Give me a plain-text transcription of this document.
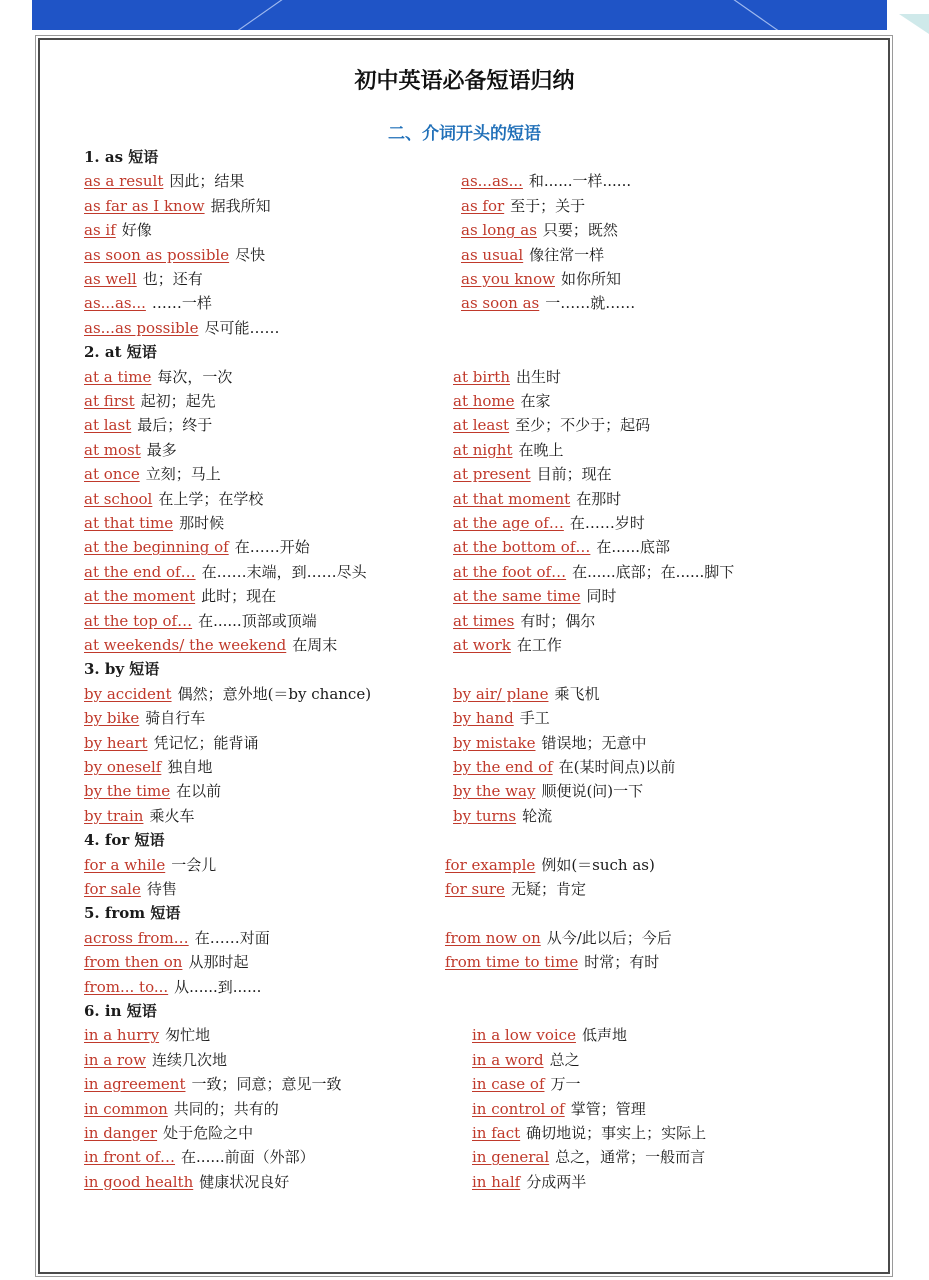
初中英语必备短语归纳
二、介词开头的短语
1. as 短语
as a result 因此；结果	as...as... 和......一样......
as far as I know 据我所知	as for 至于；关于
as if 好像	as long as 只要；既然
as soon as possible 尽快	as usual 像往常一样
as well 也；还有	as you know 如你所知
as...as... ……一样	as soon as 一……就……
as...as possible 尽可能……
2. at 短语
at a time 每次，一次	at birth 出生时
at first 起初；起先	at home 在家
at last 最后；终于	at least 至少；不少于；起码
at most 最多	at night 在晚上
at once 立刻；马上	at present 目前；现在
at school 在上学；在学校	at that moment 在那时
at that time 那时候	at the age of… 在……岁时
at the beginning of 在……开始	at the bottom of… 在......底部
at the end of… 在……末端，到……尽头	at the foot of… 在......底部；在......脚下
at the moment 此时；现在	at the same time 同时
at the top of… 在......顶部或顶端	at times 有时；偶尔
at weekends/ the weekend 在周末	at work 在工作
3. by 短语
by accident 偶然；意外地(＝by chance)	by air/ plane 乘飞机
by bike 骑自行车	by hand 手工
by heart 凭记忆；能背诵	by mistake 错误地；无意中
by oneself 独自地	by the end of 在(某时间点)以前
by the time 在以前	by the way 顺便说(问)一下
by train 乘火车	by turns 轮流
4. for 短语
for a while 一会儿	for example 例如(＝such as)
for sale 待售	for sure 无疑；肯定
5. from 短语
across from… 在……对面	from now on 从今/此以后；今后
from then on 从那时起	from time to time 时常；有时
from... to... 从......到......
6. in 短语
in a hurry 匆忙地	in a low voice 低声地
in a row 连续几次地	in a word 总之
in agreement 一致；同意；意见一致	in case of 万一
in common 共同的；共有的	in control of 掌管；管理
in danger 处于危险之中	in fact 确切地说；事实上；实际上
in front of… 在......前面（外部）	in general 总之，通常；一般而言
in good health 健康状况良好	in half 分成两半
